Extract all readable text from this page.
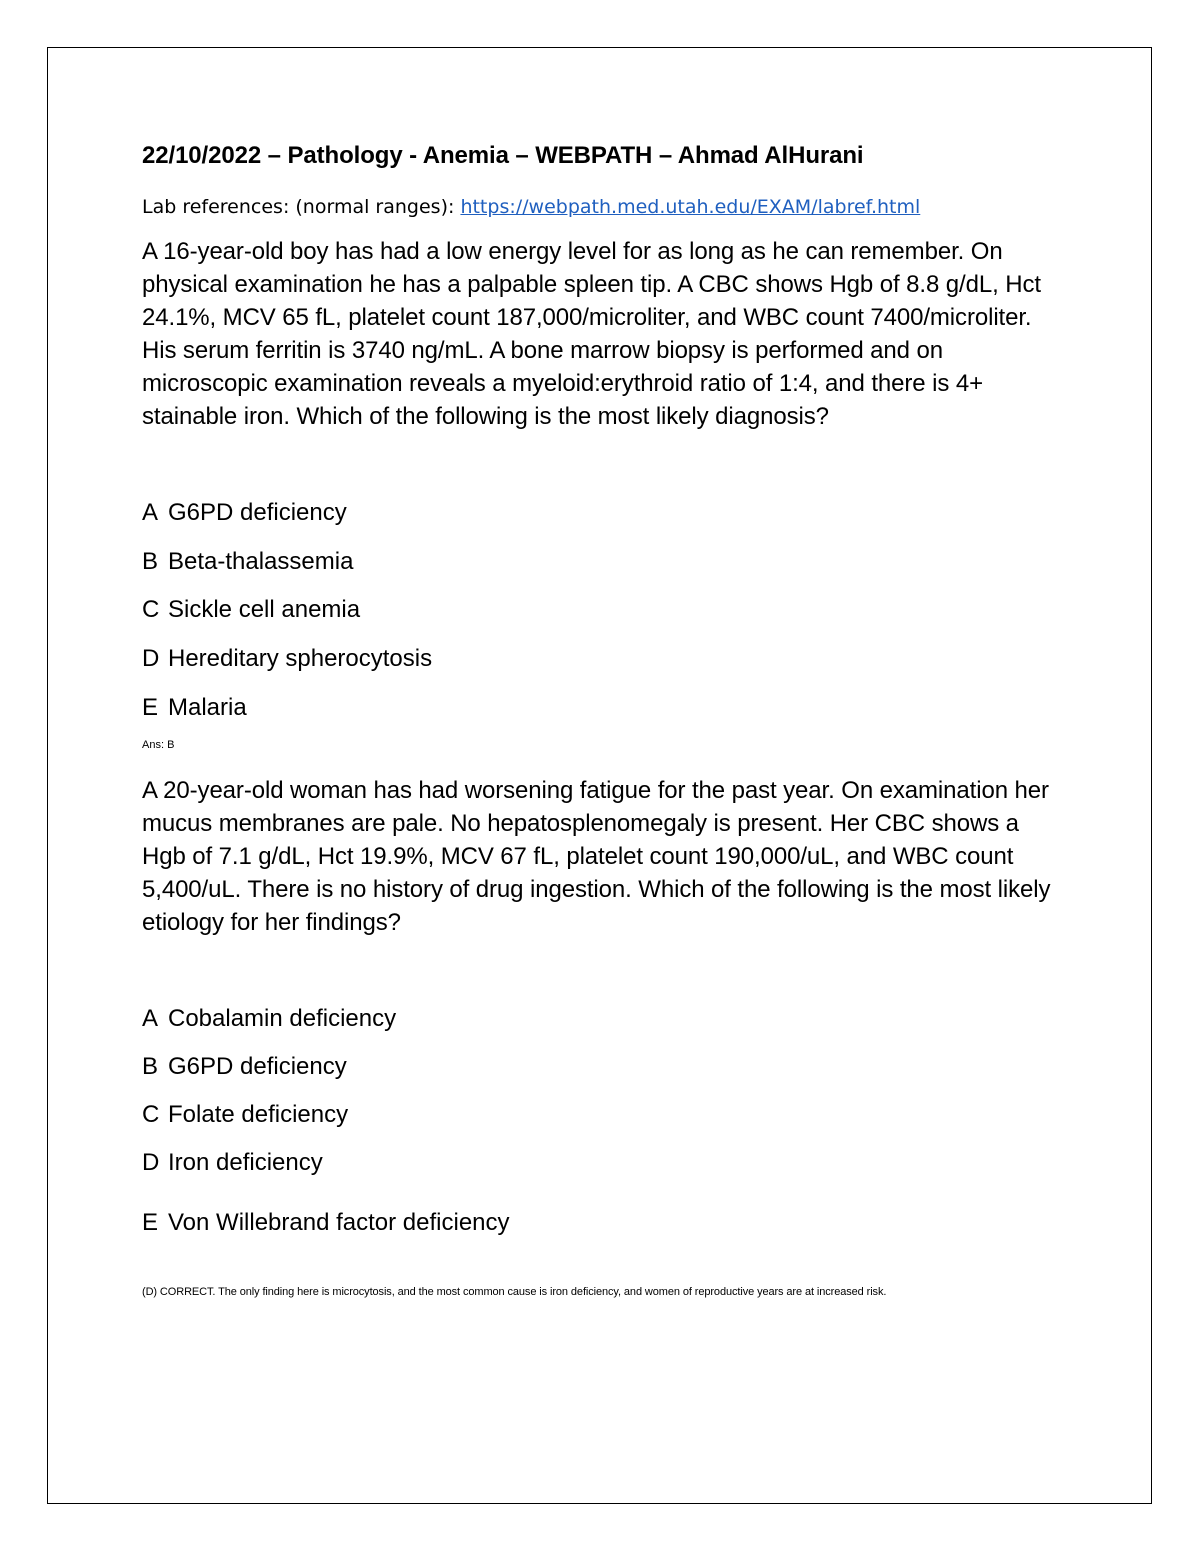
22/10/2022 – Pathology - Anemia – WEBPATH – Ahmad AlHurani
Lab references: (normal ranges): https://webpath.med.utah.edu/EXAM/labref.html

A 16-year-old boy has had a low energy level for as long as he can remember. On physical examination he has a palpable spleen tip. A CBC shows Hgb of 8.8 g/dL, Hct 24.1%, MCV 65 fL, platelet count 187,000/microliter, and WBC count 7400/microliter. His serum ferritin is 3740 ng/mL. A bone marrow biopsy is performed and on microscopic examination reveals a myeloid:erythroid ratio of 1:4, and there is 4+ stainable iron. Which of the following is the most likely diagnosis?

A G6PD deficiency
B Beta-thalassemia
C Sickle cell anemia
D Hereditary spherocytosis
E Malaria
Ans: B

A 20-year-old woman has had worsening fatigue for the past year. On examination her mucus membranes are pale. No hepatosplenomegaly is present. Her CBC shows a Hgb of 7.1 g/dL, Hct 19.9%, MCV 67 fL, platelet count 190,000/uL, and WBC count 5,400/uL. There is no history of drug ingestion. Which of the following is the most likely etiology for her findings?

A Cobalamin deficiency
B G6PD deficiency
C Folate deficiency
D Iron deficiency
E Von Willebrand factor deficiency
(D) CORRECT. The only finding here is microcytosis, and the most common cause is iron deficiency, and women of reproductive years are at increased risk.
